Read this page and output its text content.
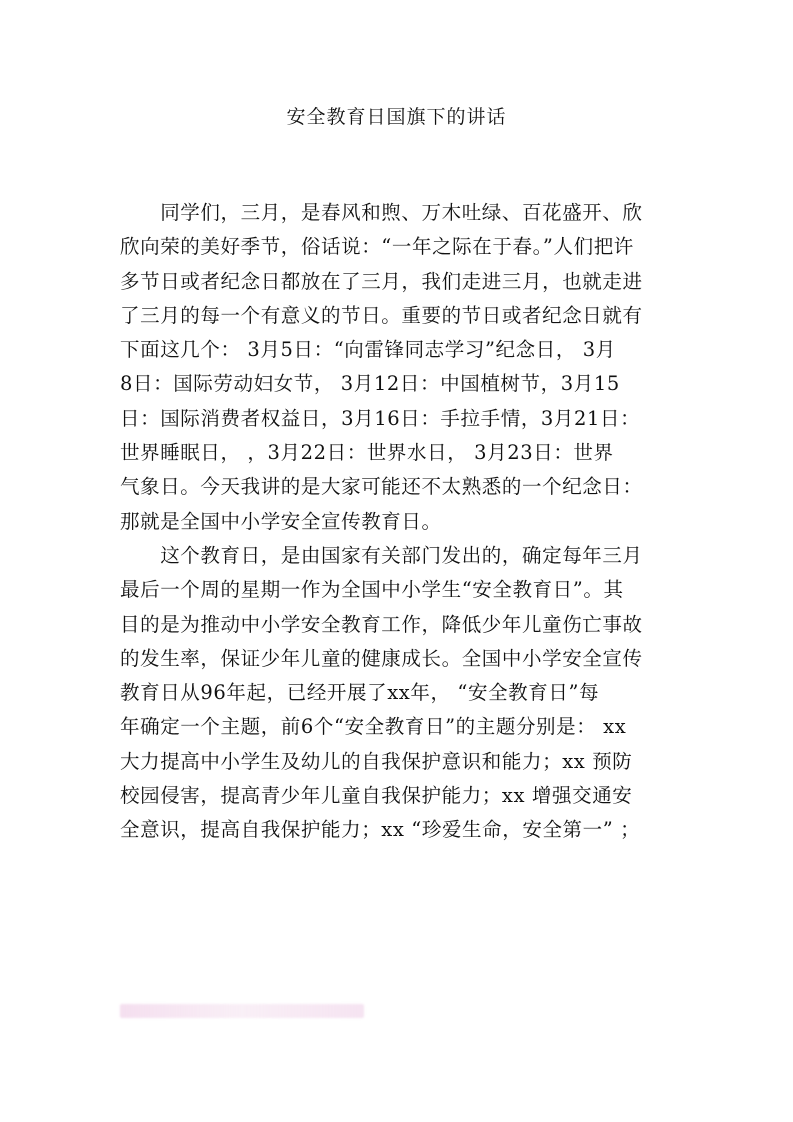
安全教育日国旗下的讲话
　　同学们，三月，是春风和煦、万木吐绿、百花盛开、欣
欣向荣的美好季节，俗话说：“一年之际在于春。”人们把许
多节日或者纪念日都放在了三月，我们走进三月，也就走进
了三月的每一个有意义的节日。重要的节日或者纪念日就有
下面这几个： 3月5日：“向雷锋同志学习”纪念日， 3月
8日：国际劳动妇女节， 3月12日：中国植树节，3月15
日：国际消费者权益日，3月16日：手拉手情，3月21日：
世界睡眠日， ，3月22日：世界水日， 3月23日：世界
气象日。今天我讲的是大家可能还不太熟悉的一个纪念日：
那就是全国中小学安全宣传教育日。
　　这个教育日，是由国家有关部门发出的，确定每年三月
最后一个周的星期一作为全国中小学生“安全教育日”。其
目的是为推动中小学安全教育工作，降低少年儿童伤亡事故
的发生率，保证少年儿童的健康成长。全国中小学安全宣传
教育日从96年起，已经开展了xx年， “安全教育日”每
年确定一个主题，前6个“安全教育日”的主题分别是： xx
大力提高中小学生及幼儿的自我保护意识和能力；xx 预防
校园侵害，提高青少年儿童自我保护能力；xx 增强交通安
全意识，提高自我保护能力；xx “珍爱生命，安全第一” ；
